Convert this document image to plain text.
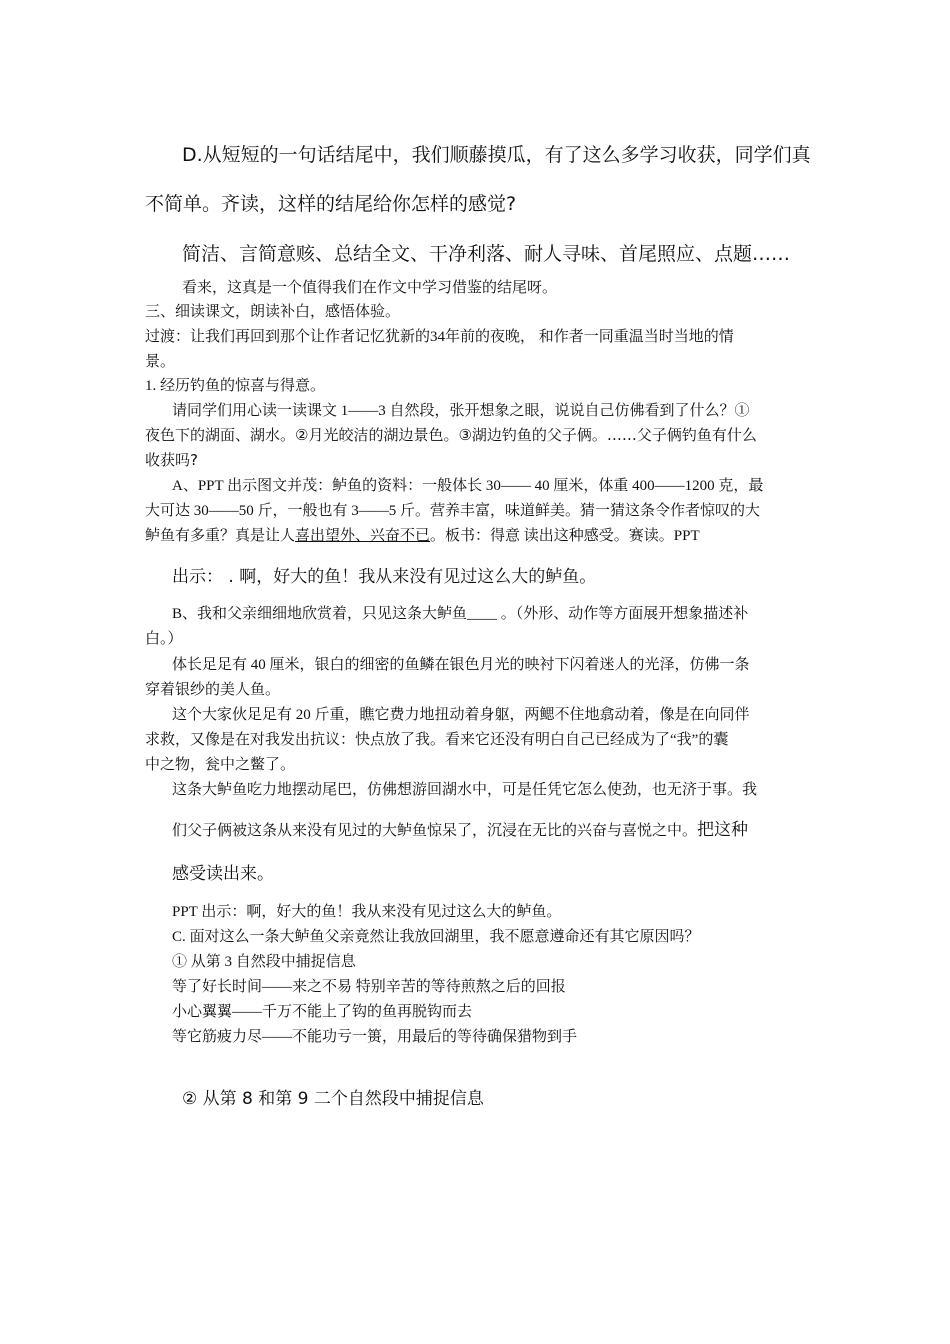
D.从短短的一句话结尾中，我们顺藤摸瓜，有了这么多学习收获，同学们真
不简单。齐读，这样的结尾给你怎样的感觉?
简洁、言简意赅、总结全文、干净利落、耐人寻味、首尾照应、点题……
看来，这真是一个值得我们在作文中学习借鉴的结尾呀。
三、细读课文，朗读补白，感悟体验。
过渡：让我们再回到那个让作者记忆犹新的34年前的夜晚， 和作者一同重温当时当地的情
景。
1. 经历钓鱼的惊喜与得意。
请同学们用心读一读课文 1——3 自然段，张开想象之眼，说说自己仿佛看到了什么？①
夜色下的湖面、湖水。②月光皎洁的湖边景色。③湖边钓鱼的父子俩。……父子俩钓鱼有什么
收获吗?
A、PPT 出示图文并茂：鲈鱼的资料：一般体长 30—— 40 厘米，体重 400——1200 克，最
大可达 30——50 斤，一般也有 3——5 斤。营养丰富，味道鲜美。猜一猜这条令作者惊叹的大
鲈鱼有多重？真是让人喜出望外、兴奋不已。板书：得意 读出这种感受。赛读。PPT
出示： . 啊，好大的鱼！我从来没有见过这么大的鲈鱼。
B、我和父亲细细地欣赏着，只见这条大鲈鱼____ 。（外形、动作等方面展开想象描述补
白。）
体长足足有 40 厘米，银白的细密的鱼鳞在银色月光的映衬下闪着迷人的光泽，仿佛一条
穿着银纱的美人鱼。
这个大家伙足足有 20 斤重，瞧它费力地扭动着身躯，两鳃不住地翕动着，像是在向同伴
求救，又像是在对我发出抗议：快点放了我。看来它还没有明白自己已经成为了“我”的囊
中之物，瓮中之鳖了。
这条大鲈鱼吃力地摆动尾巴，仿佛想游回湖水中，可是任凭它怎么使劲，也无济于事。我
们父子俩被这条从来没有见过的大鲈鱼惊呆了，沉浸在无比的兴奋与喜悦之中。把这种
感受读出来。
PPT 出示：啊，好大的鱼！我从来没有见过这么大的鲈鱼。
C. 面对这么一条大鲈鱼父亲竟然让我放回湖里，我不愿意遵命还有其它原因吗？
① 从第 3 自然段中捕捉信息
等了好长时间——来之不易 特别辛苦的等待煎熬之后的回报
小心翼翼——千万不能上了钩的鱼再脱钩而去
等它筋疲力尽——不能功亏一篑，用最后的等待确保猎物到手
② 从第 8 和第 9 二个自然段中捕捉信息
